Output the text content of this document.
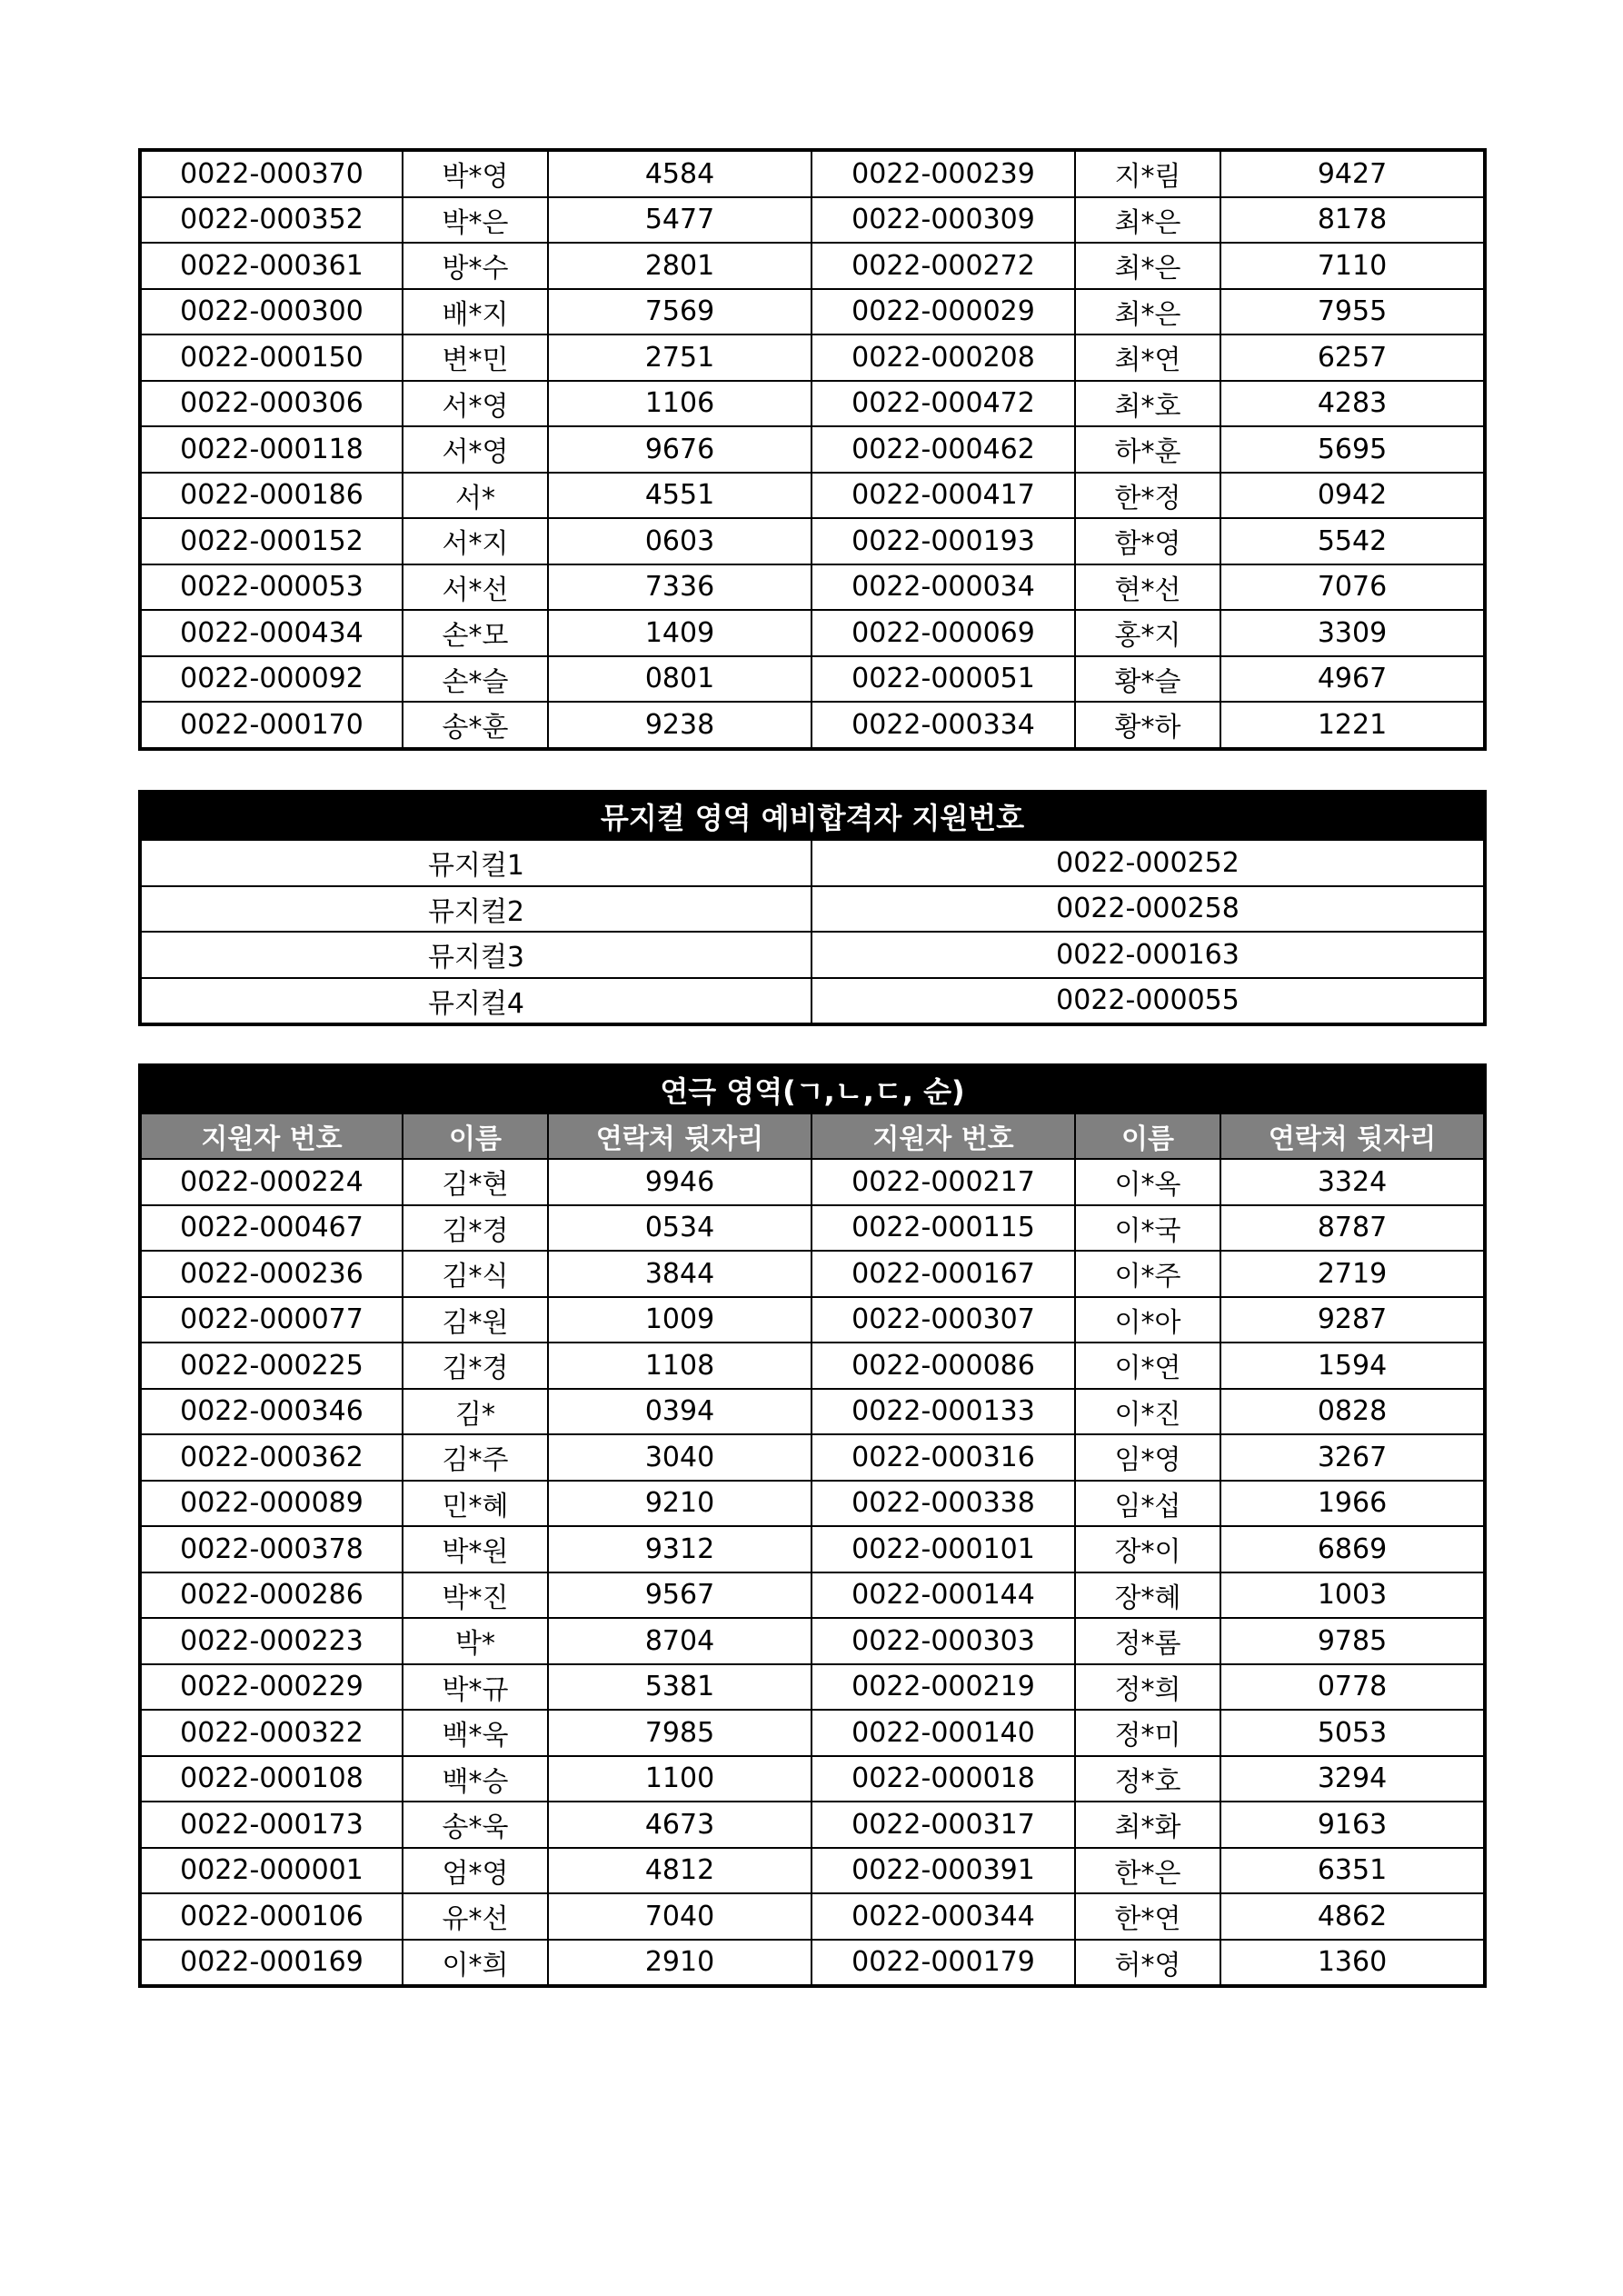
0022-000370	박*영	4584	0022-000239	지*림	9427
0022-000352	박*은	5477	0022-000309	최*은	8178
0022-000361	방*수	2801	0022-000272	최*은	7110
0022-000300	배*지	7569	0022-000029	최*은	7955
0022-000150	변*민	2751	0022-000208	최*연	6257
0022-000306	서*영	1106	0022-000472	최*호	4283
0022-000118	서*영	9676	0022-000462	하*훈	5695
0022-000186	서*	4551	0022-000417	한*정	0942
0022-000152	서*지	0603	0022-000193	함*영	5542
0022-000053	서*선	7336	0022-000034	현*선	7076
0022-000434	손*모	1409	0022-000069	홍*지	3309
0022-000092	손*슬	0801	0022-000051	황*슬	4967
0022-000170	송*훈	9238	0022-000334	황*하	1221
뮤지컬 영역 예비합격자 지원번호	
뮤지컬1	0022-000252
뮤지컬2	0022-000258
뮤지컬3	0022-000163
뮤지컬4	0022-000055
연극 영역(ㄱ,ㄴ,ㄷ, 순)					
지원자 번호	이름	연락처 뒷자리	지원자 번호	이름	연락처 뒷자리
0022-000224	김*현	9946	0022-000217	이*옥	3324
0022-000467	김*경	0534	0022-000115	이*국	8787
0022-000236	김*식	3844	0022-000167	이*주	2719
0022-000077	김*원	1009	0022-000307	이*아	9287
0022-000225	김*경	1108	0022-000086	이*연	1594
0022-000346	김*	0394	0022-000133	이*진	0828
0022-000362	김*주	3040	0022-000316	임*영	3267
0022-000089	민*혜	9210	0022-000338	임*섭	1966
0022-000378	박*원	9312	0022-000101	장*이	6869
0022-000286	박*진	9567	0022-000144	장*혜	1003
0022-000223	박*	8704	0022-000303	정*롬	9785
0022-000229	박*규	5381	0022-000219	정*희	0778
0022-000322	백*욱	7985	0022-000140	정*미	5053
0022-000108	백*승	1100	0022-000018	정*호	3294
0022-000173	송*욱	4673	0022-000317	최*화	9163
0022-000001	엄*영	4812	0022-000391	한*은	6351
0022-000106	유*선	7040	0022-000344	한*연	4862
0022-000169	이*희	2910	0022-000179	허*영	1360
